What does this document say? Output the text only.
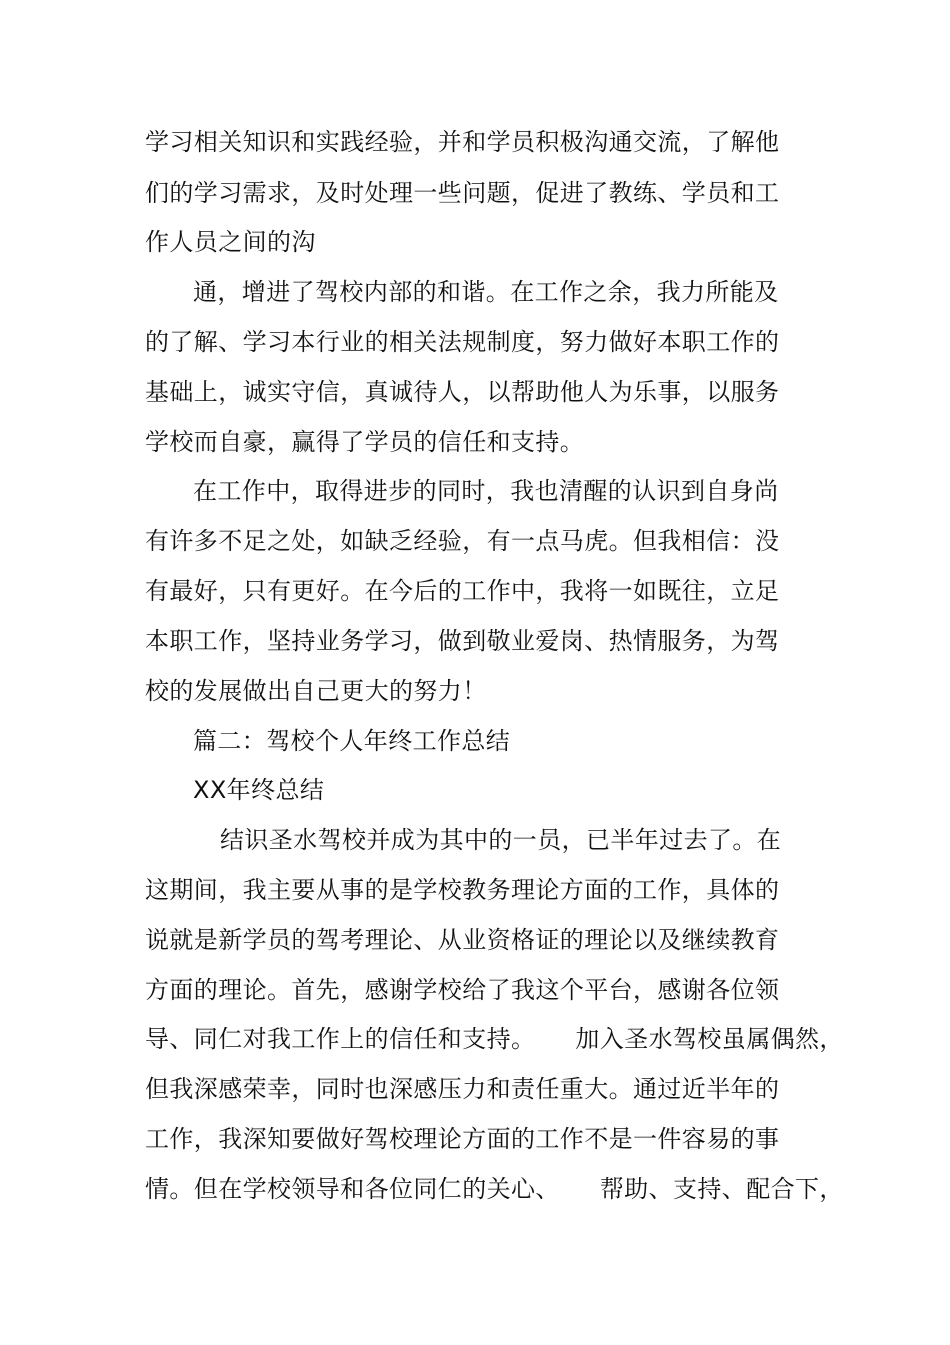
学习相关知识和实践经验，并和学员积极沟通交流，了解他
们的学习需求，及时处理一些问题，促进了教练、学员和工
作人员之间的沟
通，增进了驾校内部的和谐。在工作之余，我力所能及
的了解、学习本行业的相关法规制度，努力做好本职工作的
基础上，诚实守信，真诚待人，以帮助他人为乐事，以服务
学校而自豪，赢得了学员的信任和支持。
在工作中，取得进步的同时，我也清醒的认识到自身尚
有许多不足之处，如缺乏经验，有一点马虎。但我相信：没
有最好，只有更好。在今后的工作中，我将一如既往，立足
本职工作，坚持业务学习，做到敬业爱岗、热情服务，为驾
校的发展做出自己更大的努力！
篇二：驾校个人年终工作总结
XX年终总结
结识圣水驾校并成为其中的一员，已半年过去了。在
这期间，我主要从事的是学校教务理论方面的工作，具体的
说就是新学员的驾考理论、从业资格证的理论以及继续教育
方面的理论。首先，感谢学校给了我这个平台，感谢各位领
导、同仁对我工作上的信任和支持。 加入圣水驾校虽属偶然，
但我深感荣幸，同时也深感压力和责任重大。通过近半年的
工作，我深知要做好驾校理论方面的工作不是一件容易的事
情。但在学校领导和各位同仁的关心、 帮助、支持、配合下，
